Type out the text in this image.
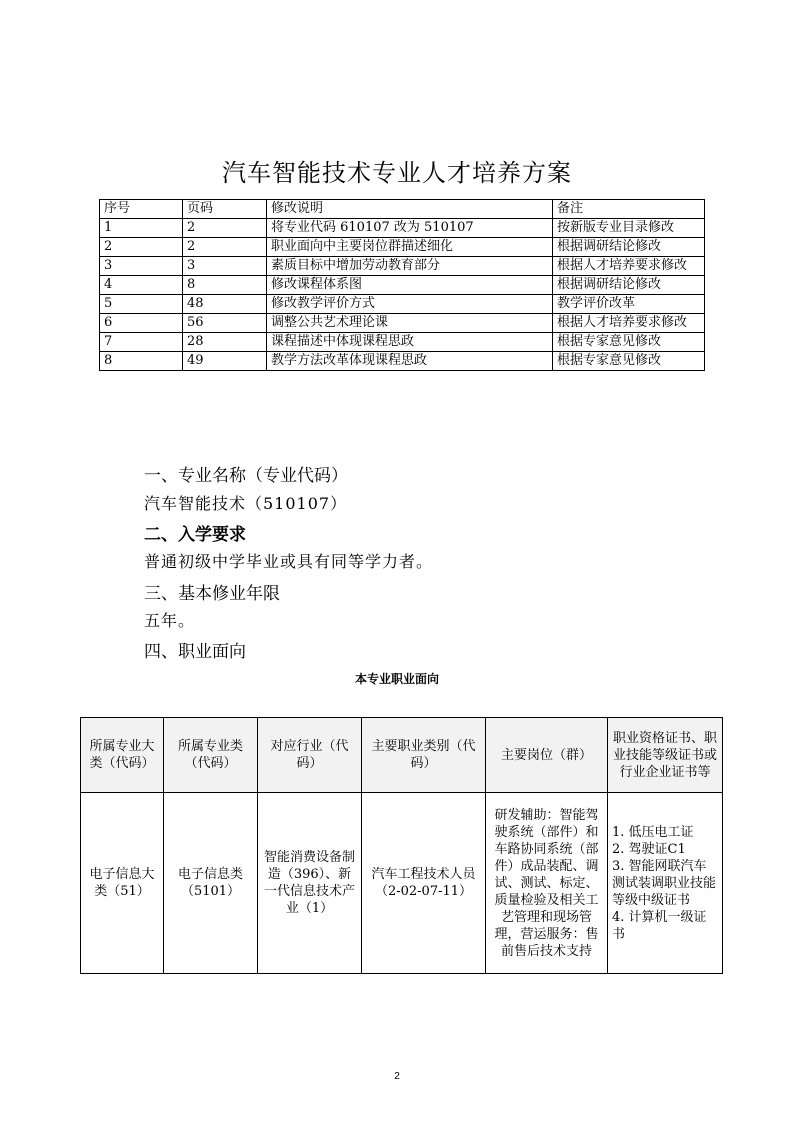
汽车智能技术专业人才培养方案
序号	页码	修改说明	备注
1	2	将专业代码 610107 改为 510107	按新版专业目录修改
2	2	职业面向中主要岗位群描述细化	根据调研结论修改
3	3	素质目标中增加劳动教育部分	根据人才培养要求修改
4	8	修改课程体系图	根据调研结论修改
5	48	修改教学评价方式	教学评价改革
6	56	调整公共艺术理论课	根据人才培养要求修改
7	28	课程描述中体现课程思政	根据专家意见修改
8	49	教学方法改革体现课程思政	根据专家意见修改
一、专业名称（专业代码）
汽车智能技术（510107）
二、入学要求
普通初级中学毕业或具有同等学力者。
三、基本修业年限
五年。
四、职业面向
本专业职业面向
所属专业大类（代码）	所属专业类（代码）	对应行业（代码）	主要职业类别（代码）	主要岗位（群）	职业资格证书、职业技能等级证书或行业企业证书等
电子信息大类（51）	电子信息类（5101）	智能消费设备制造（396）、新一代信息技术产业（1）	汽车工程技术人员（2-02-07-11）	研发辅助：智能驾驶系统（部件）和车路协同系统（部件）成品装配、调试、测试、标定、质量检验及相关工艺管理和现场管理，营运服务：售前售后技术支持	1. 低压电工证
2. 驾驶证C1
3. 智能网联汽车测试装调职业技能等级中级证书
4. 计算机一级证书
2
